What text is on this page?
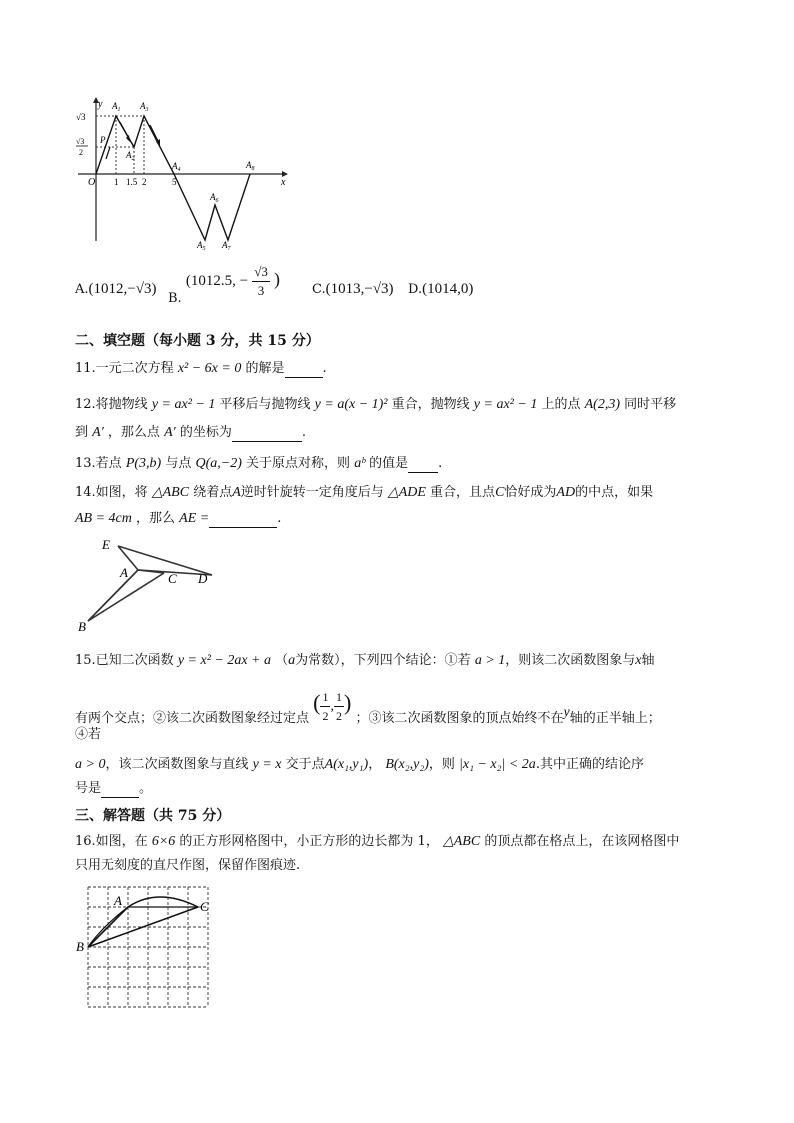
y
x
O
√3
√3
2
1 1.5 2	5
$A_1$ $A_3$
$A_2$
P
$A_4$
$A_5$
$A_6$
$A_7$
$A_8$
A.(1012,−√3)
B. (1012.5, − $\frac{√3}{3}$ )
C.(1013,−√3) D.(1014,0)
二、填空题（每小题 3 分，共 15 分）
11.一元二次方程 x² − 6x = 0 的解是	.
12.将抛物线 y = ax² − 1 平移后与抛物线 y = a(x − 1)² 重合，抛物线 y = ax² − 1 上的点 A(2,3) 同时平移
到 A′ ，那么点 A′ 的坐标为	.
13.若点 P(3,b) 与点 Q(a,−2) 关于原点对称，则 aᵇ 的值是 .
14.如图，将 △ABC 绕着点A逆时针旋转一定角度后与 △ADE 重合，且点C恰好成为AD的中点，如果
AB = 4cm ，那么 AE =	.
E
A	C D
B
15.已知二次函数 y = x² − 2ax + a （a为常数），下列四个结论：①若 a > 1，则该二次函数图象与x轴
有两个交点；②该二次函数图象经过定点 ( $\frac{1}{2}$ , $\frac{1}{2}$ ) ；③该二次函数图象的顶点始终不在y轴的正半轴上；
④若
a > 0，该二次函数图象与直线 y = x 交于点A(x₁,y₁)， B(x₂,y₂)，则 |x₁ − x₂| < 2a.其中正确的结论序
号是	。
三、解答题（共 75 分）
16.如图，在 6×6 的正方形网格图中，小正方形的边长都为 1， △ABC 的顶点都在格点上，在该网格图中
只用无刻度的直尺作图，保留作图痕迹.
A
B
C
